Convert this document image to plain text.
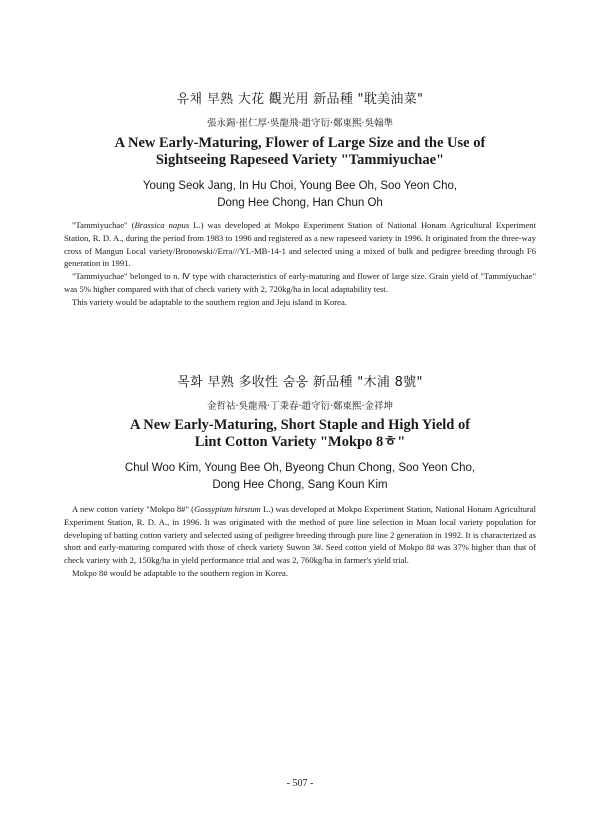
유채 早熟 大花 觀光用 新品種 "耽美油菜"
張永錫·崔仁厚·吳龍飛·趙守衍·鄭東熙·吳翰準
A New Early-Maturing, Flower of Large Size and the Use of
Sightseeing Rapeseed Variety "Tammiyuchae"
Young Seok Jang, In Hu Choi, Young Bee Oh, Soo Yeon Cho,
Dong Hee Chong, Han Chun Oh

"Tammiyuchae" (Brassica napus L.) was developed at Mokpo Experiment Station of National Honam Agricultural Experiment Station, R. D. A., during the period from 1983 to 1996 and registered as a new rapeseed variety in 1996. It originated from the three-way cross of Mangun Local variety/Bronowski//Erra///YL-MB-14-1 and selected using a mixed of bulk and pedigree breeding through F6 generation in 1991.

"Tammiyuchae" belonged to n. Ⅳ type with characteristics of early-maturing and flower of large size. Grain yield of "Tammiyuchae" was 5% higher compared with that of check variety with 2, 720kg/ha in local adaptability test.

This variety would be adaptable to the southern region and Jeju island in Korea.

목화 早熟 多收性 숨옹 新品種 "木浦 8號"
金哲祜·吳龍飛·丁秉春·趙守衍·鄭東熙·金祥坤
A New Early-Maturing, Short Staple and High Yield of
Lint Cotton Variety "Mokpo 8ㅎ"
Chul Woo Kim, Young Bee Oh, Byeong Chun Chong, Soo Yeon Cho,
Dong Hee Chong, Sang Koun Kim

A new cotton variety "Mokpo 8#" (Gossypium hirstum L.) was developed at Mokpo Experiment Station, National Honam Agricultural Experiment Station, R. D. A., in 1996. It was originated with the method of pure line selection in Muan local variety population for developing of batting cotton variety and selected using of pedigree breeding through pure line 2 generation in 1992. It is characterized as short and early-maturing compared with those of check variety Suwon 3#. Seed cotton yield of Mokpo 8# was 37% higher than that of check variety with 2, 150kg/ha in yield performance trial and was 2, 760kg/ha in farmer's yield trial.

Mokpo 8# would be adaptable to the southern region in Korea.

- 507 -
